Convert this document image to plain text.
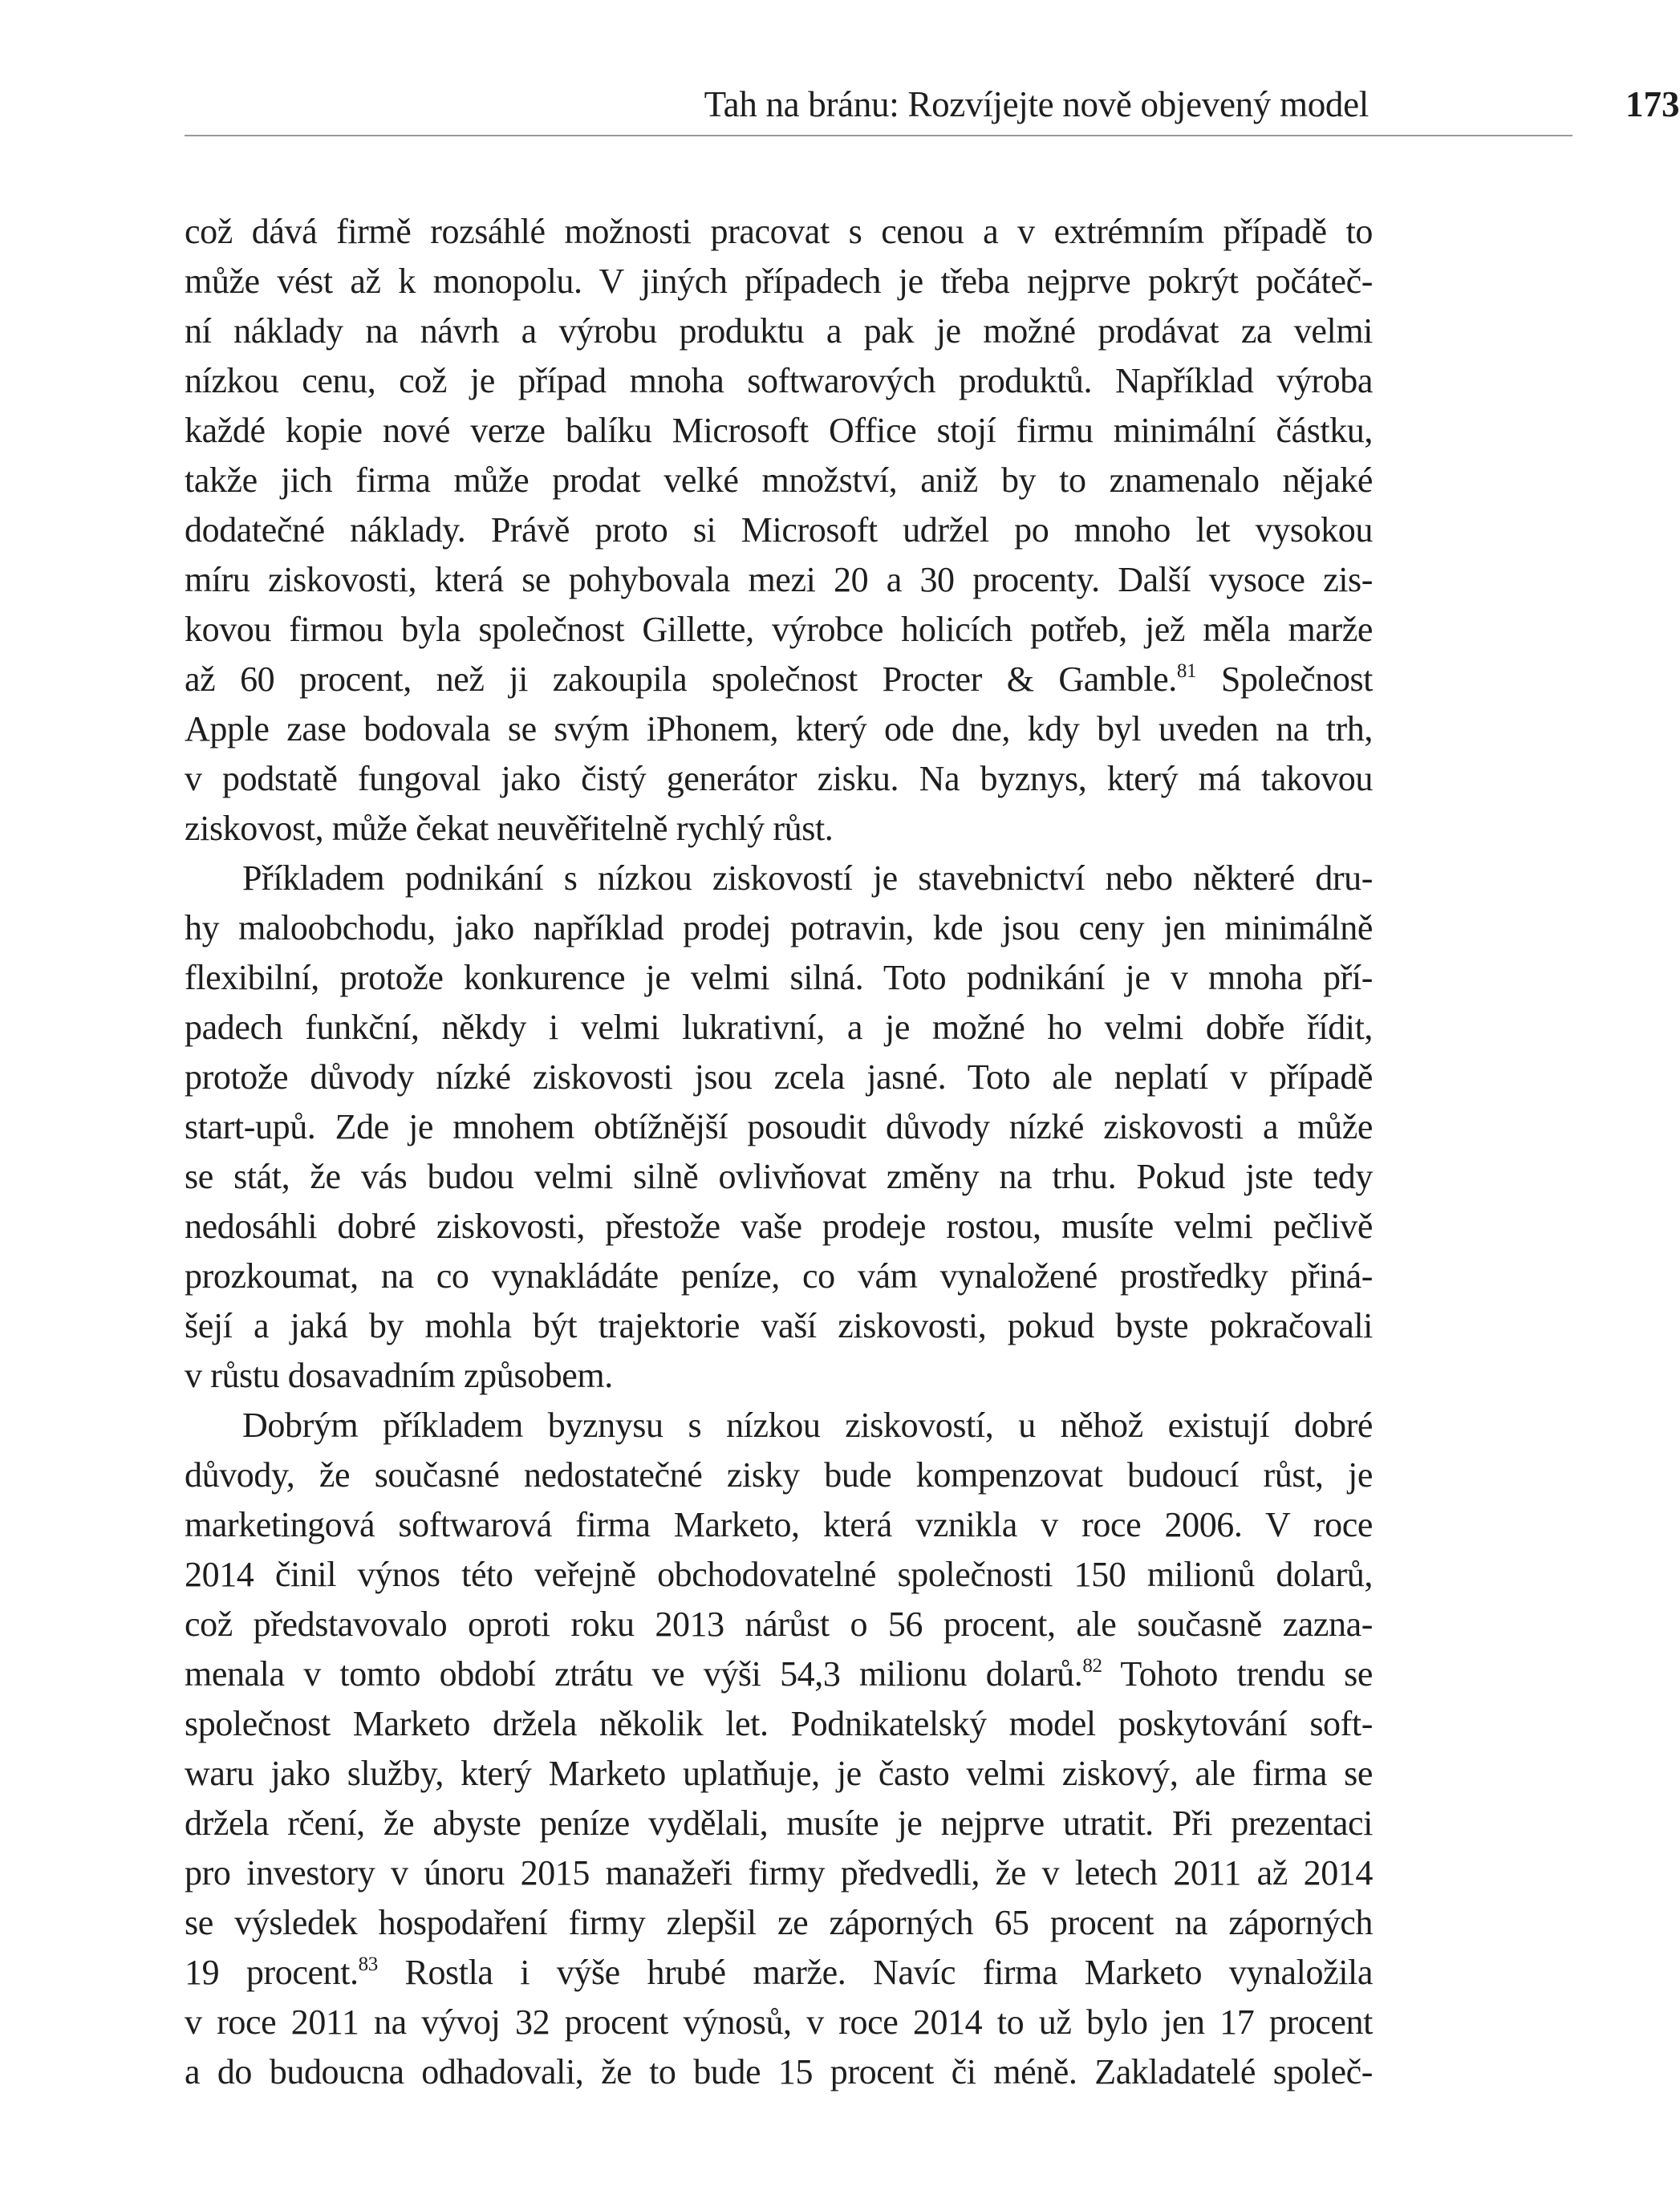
Tah na bránu: Rozvíjejte nově objevený model	173
což dává firmě rozsáhlé možnosti pracovat s cenou a v extrémním případě to
může vést až k monopolu. V jiných případech je třeba nejprve pokrýt počáteč-
ní náklady na návrh a výrobu produktu a pak je možné prodávat za velmi
nízkou cenu, což je případ mnoha softwarových produktů. Například výroba
každé kopie nové verze balíku Microsoft Office stojí firmu minimální částku,
takže jich firma může prodat velké množství, aniž by to znamenalo nějaké
dodatečné náklady. Právě proto si Microsoft udržel po mnoho let vysokou
míru ziskovosti, která se pohybovala mezi 20 a 30 procenty. Další vysoce zis-
kovou firmou byla společnost Gillette, výrobce holicích potřeb, jež měla marže
až 60 procent, než ji zakoupila společnost Procter & Gamble.$^{81}$ Společnost
Apple zase bodovala se svým iPhonem, který ode dne, kdy byl uveden na trh,
v podstatě fungoval jako čistý generátor zisku. Na byznys, který má takovou
ziskovost, může čekat neuvěřitelně rychlý růst.
Příkladem podnikání s nízkou ziskovostí je stavebnictví nebo některé dru-
hy maloobchodu, jako například prodej potravin, kde jsou ceny jen minimálně
flexibilní, protože konkurence je velmi silná. Toto podnikání je v mnoha pří-
padech funkční, někdy i velmi lukrativní, a je možné ho velmi dobře řídit,
protože důvody nízké ziskovosti jsou zcela jasné. Toto ale neplatí v případě
start-upů. Zde je mnohem obtížnější posoudit důvody nízké ziskovosti a může
se stát, že vás budou velmi silně ovlivňovat změny na trhu. Pokud jste tedy
nedosáhli dobré ziskovosti, přestože vaše prodeje rostou, musíte velmi pečlivě
prozkoumat, na co vynakládáte peníze, co vám vynaložené prostředky přiná-
šejí a jaká by mohla být trajektorie vaší ziskovosti, pokud byste pokračovali
v růstu dosavadním způsobem.
Dobrým příkladem byznysu s nízkou ziskovostí, u něhož existují dobré
důvody, že současné nedostatečné zisky bude kompenzovat budoucí růst, je
marketingová softwarová firma Marketo, která vznikla v roce 2006. V roce
2014 činil výnos této veřejně obchodovatelné společnosti 150 milionů dolarů,
což představovalo oproti roku 2013 nárůst o 56 procent, ale současně zazna-
menala v tomto období ztrátu ve výši 54,3 milionu dolarů.$^{82}$ Tohoto trendu se
společnost Marketo držela několik let. Podnikatelský model poskytování soft-
waru jako služby, který Marketo uplatňuje, je často velmi ziskový, ale firma se
držela rčení, že abyste peníze vydělali, musíte je nejprve utratit. Při prezentaci
pro investory v únoru 2015 manažeři firmy předvedli, že v letech 2011 až 2014
se výsledek hospodaření firmy zlepšil ze záporných 65 procent na záporných
19 procent.$^{83}$ Rostla i výše hrubé marže. Navíc firma Marketo vynaložila
v roce 2011 na vývoj 32 procent výnosů, v roce 2014 to už bylo jen 17 procent
a do budoucna odhadovali, že to bude 15 procent či méně. Zakladatelé společ-
